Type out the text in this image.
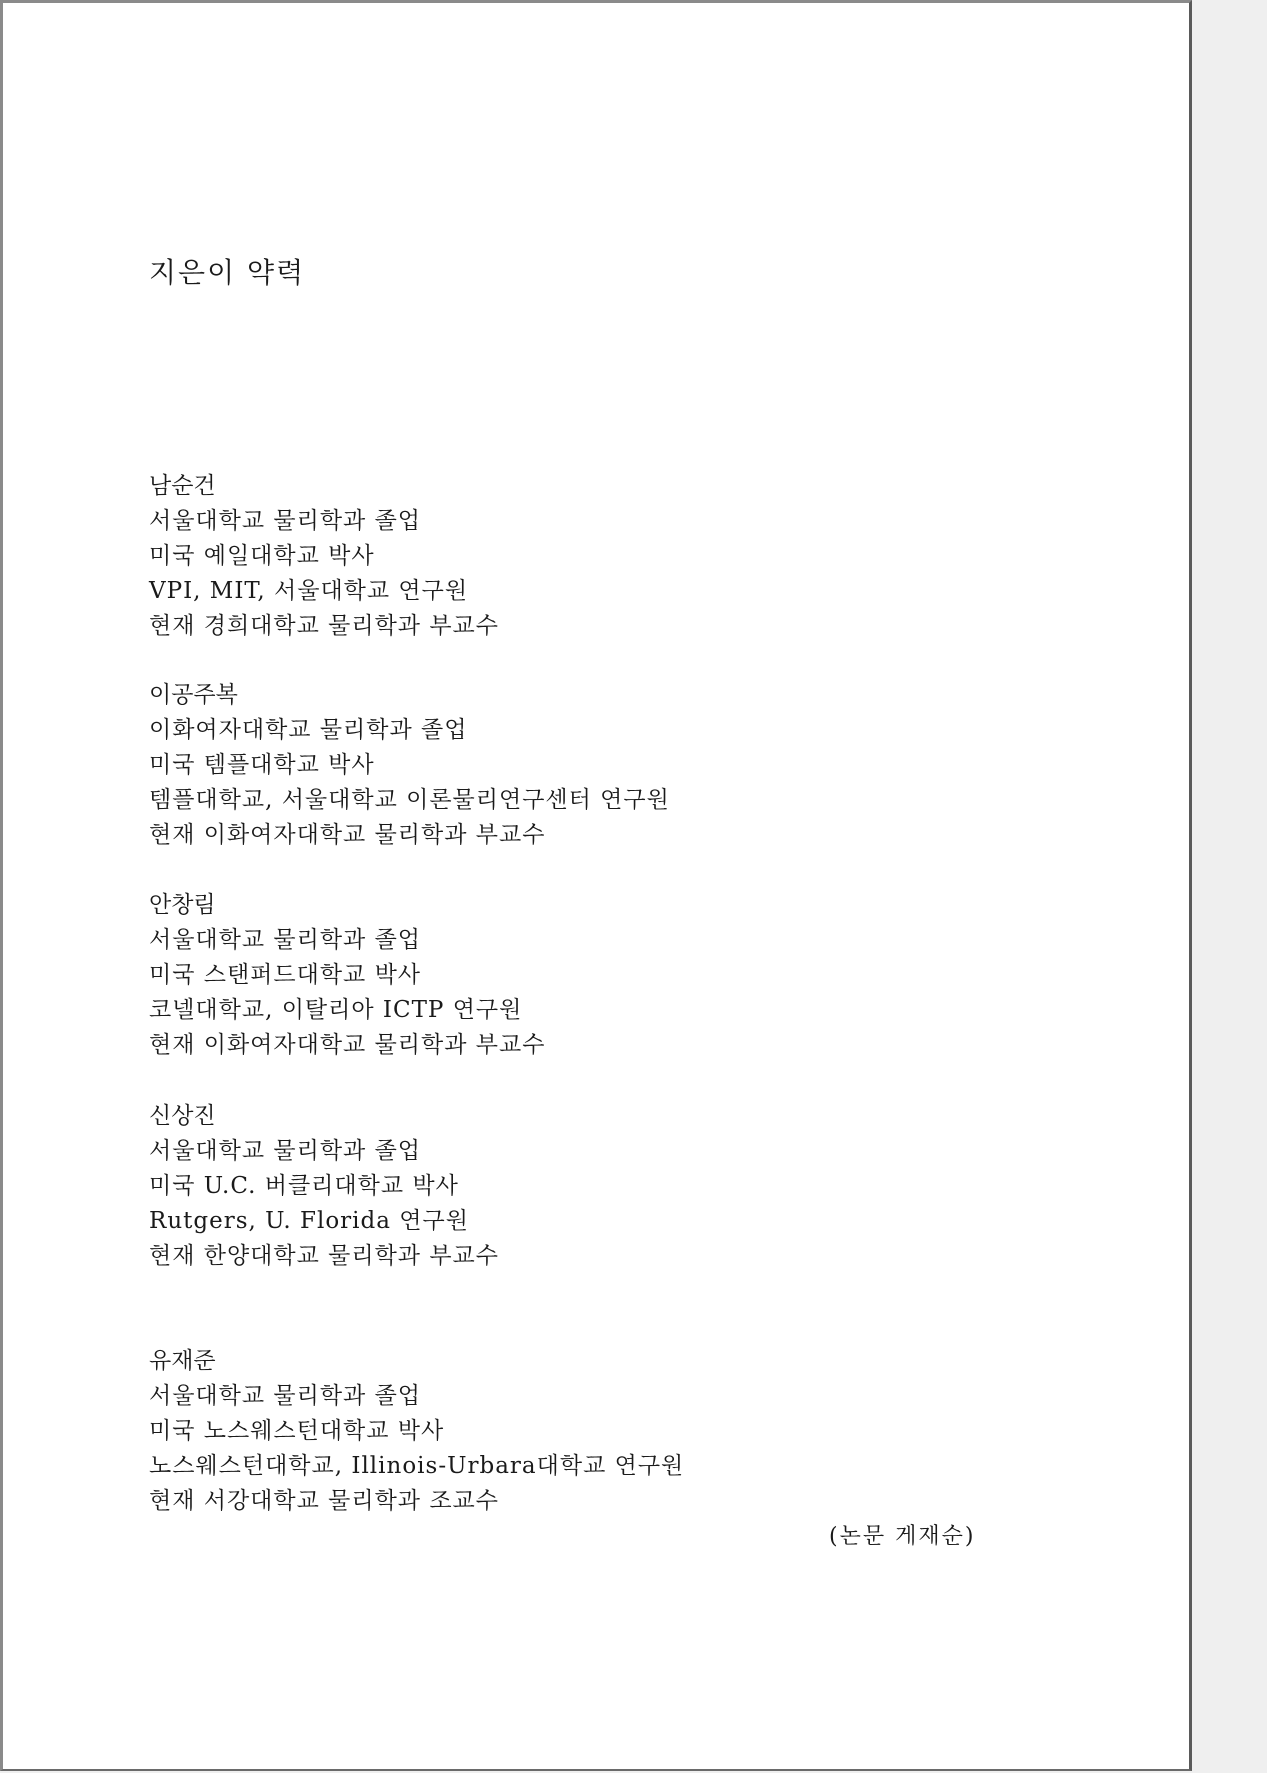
지은이 약력
남순건
서울대학교 물리학과 졸업
미국 예일대학교 박사
VPI, MIT, 서울대학교 연구원
현재 경희대학교 물리학과 부교수
이공주복
이화여자대학교 물리학과 졸업
미국 템플대학교 박사
템플대학교, 서울대학교 이론물리연구센터 연구원
현재 이화여자대학교 물리학과 부교수
안창림
서울대학교 물리학과 졸업
미국 스탠퍼드대학교 박사
코넬대학교, 이탈리아 ICTP 연구원
현재 이화여자대학교 물리학과 부교수
신상진
서울대학교 물리학과 졸업
미국 U.C. 버클리대학교 박사
Rutgers, U. Florida 연구원
현재 한양대학교 물리학과 부교수
유재준
서울대학교 물리학과 졸업
미국 노스웨스턴대학교 박사
노스웨스턴대학교, Illinois-Urbara대학교 연구원
현재 서강대학교 물리학과 조교수
(논문 게재순)
